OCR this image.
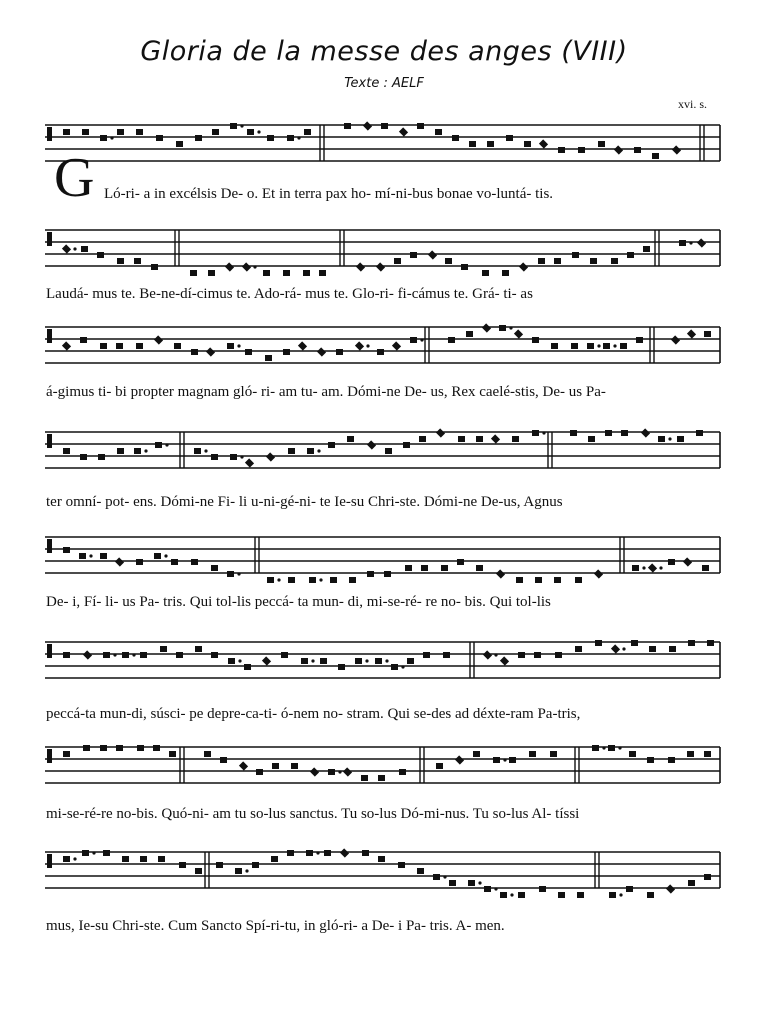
Gloria de la messe des anges (VIII)
Texte : AELF
xvi. s.
G Ló-ri- a in excélsis De- o. Et in terra pax ho- mí-ni-bus bonae vo-luntá- tis.
Laudá- mus te. Be-ne-dí-cimus te. Ado-rá- mus te. Glo-ri- fi-cámus te. Grá- ti- as
á-gimus ti- bi propter magnam gló- ri- am tu- am. Dómi-ne De- us, Rex caelé-stis, De- us Pa-
ter omní- pot- ens. Dómi-ne Fi- li u-ni-gé-ni- te Ie-su Chri-ste. Dómi-ne De-us, Agnus
De- i, Fí- li- us Pa- tris. Qui tol-lis peccá- ta mun- di, mi-se-ré- re no- bis. Qui tol-lis
peccá-ta mun-di, súsci- pe depre-ca-ti- ó-nem no- stram. Qui se-des ad déxte-ram Pa-tris,
mi-se-ré-re no-bis. Quó-ni- am tu so-lus sanctus. Tu so-lus Dó-mi-nus. Tu so-lus Al- tíssi
mus, Ie-su Chri-ste. Cum Sancto Spí-ri-tu, in gló-ri- a De- i Pa- tris. A- men.
